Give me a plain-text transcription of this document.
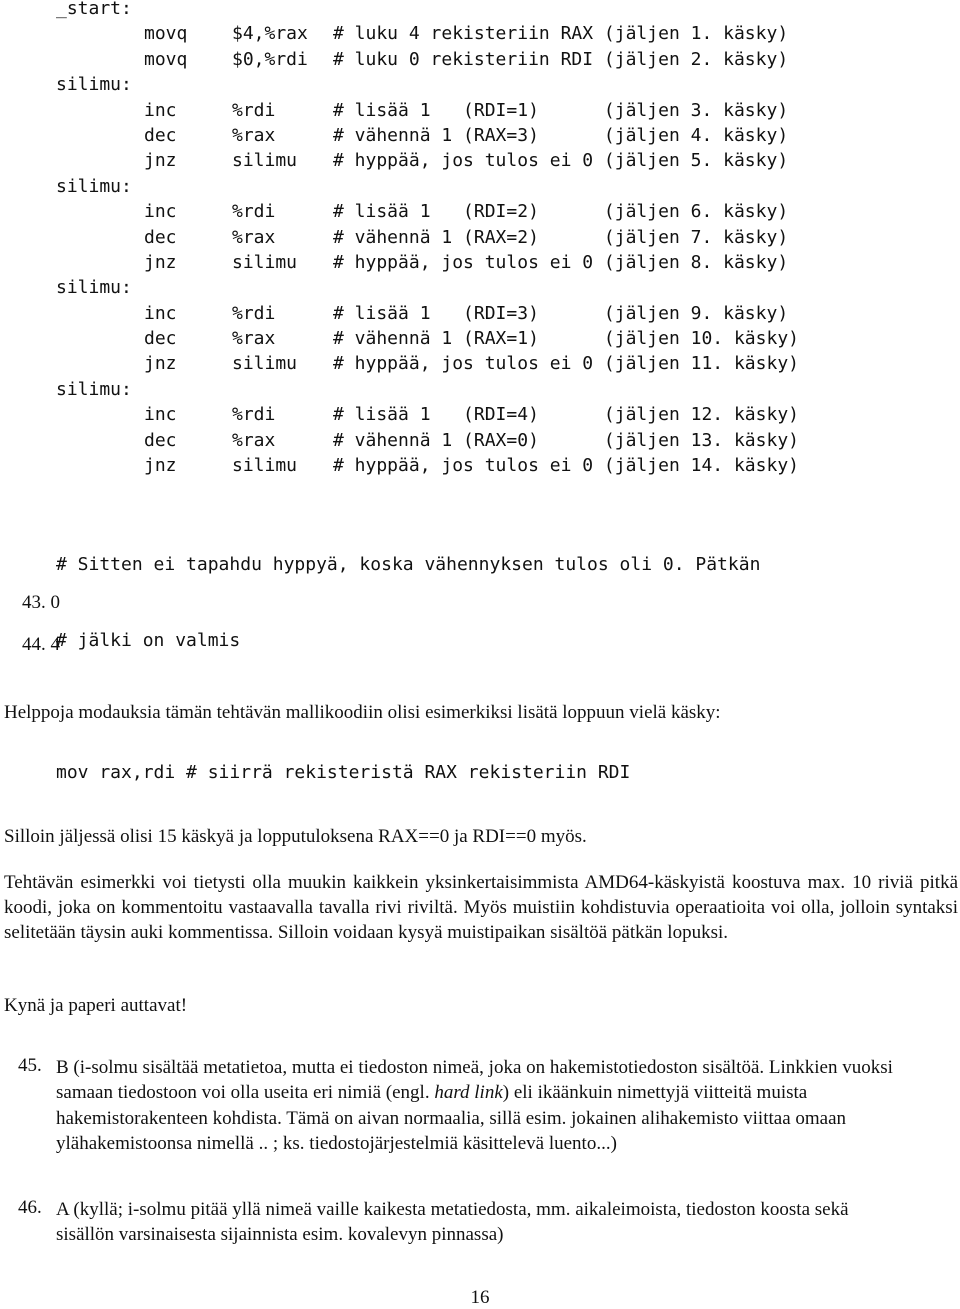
_start:
movq $4,%rax # luku 4 rekisteriin RAX (jäljen 1. käsky)
movq $0,%rdi # luku 0 rekisteriin RDI (jäljen 2. käsky)
silimu:
inc	%rdi	# lisää 1   (RDI=1)      (jäljen 3. käsky)
dec	%rax	# vähennä 1 (RAX=3)      (jäljen 4. käsky)
jnz	silimu # hyppää, jos tulos ei 0 (jäljen 5. käsky)
silimu:
inc	%rdi	# lisää 1   (RDI=2)      (jäljen 6. käsky)
dec	%rax	# vähennä 1 (RAX=2)      (jäljen 7. käsky)
jnz	silimu # hyppää, jos tulos ei 0 (jäljen 8. käsky)
silimu:
inc	%rdi	# lisää 1   (RDI=3)      (jäljen 9. käsky)
dec	%rax	# vähennä 1 (RAX=1)      (jäljen 10. käsky)
jnz	silimu # hyppää, jos tulos ei 0 (jäljen 11. käsky)
silimu:
inc	%rdi	# lisää 1   (RDI=4)      (jäljen 12. käsky)
dec	%rax	# vähennä 1 (RAX=0)      (jäljen 13. käsky)
jnz	silimu # hyppää, jos tulos ei 0 (jäljen 14. käsky)

# Sitten ei tapahdu hyppyä, koska vähennyksen tulos oli 0. Pätkän

# jälki on valmis

43. 0
44. 4

Helppoja modauksia tämän tehtävän mallikoodiin olisi esimerkiksi lisätä loppuun vielä käsky:

mov rax,rdi # siirrä rekisteristä RAX rekisteriin RDI

Silloin jäljessä olisi 15 käskyä ja lopputuloksena RAX==0 ja RDI==0 myös.

Tehtävän esimerkki voi tietysti olla muukin kaikkein yksinkertaisimmista AMD64-käskyistä koostuva max. 10 riviä pitkä koodi, joka on kommentoitu vastaavalla tavalla rivi riviltä. Myös muistiin kohdistuvia operaatioita voi olla, jolloin syntaksi selitetään täysin auki kommentissa. Silloin voidaan kysyä muistipaikan sisältöä pätkän lopuksi.

Kynä ja paperi auttavat!

45. B (i-solmu sisältää metatietoa, mutta ei tiedoston nimeä, joka on hakemistotiedoston sisältöä. Linkkien vuoksi samaan tiedostoon voi olla useita eri nimiä (engl. hard link) eli ikäänkuin nimettyjä viitteitä muista hakemistorakenteen kohdista. Tämä on aivan normaalia, sillä esim. jokainen alihakemisto viittaa omaan ylähakemistoonsa nimellä .. ; ks. tiedostojärjestelmiä käsittelevä luento...)
46. A (kyllä; i-solmu pitää yllä nimeä vaille kaikesta metatiedosta, mm. aikaleimoista, tiedoston koosta sekä sisällön varsinaisesta sijainnista esim. kovalevyn pinnassa)
16
